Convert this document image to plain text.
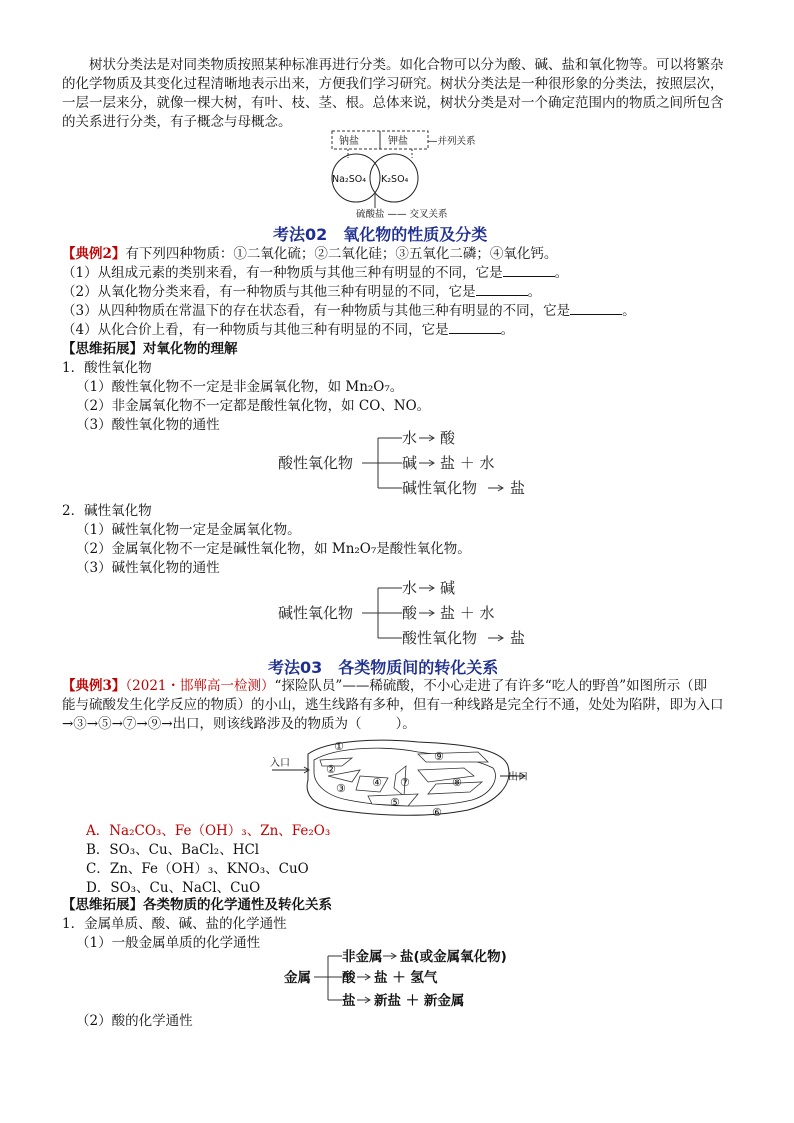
树状分类法是对同类物质按照某种标准再进行分类。如化合物可以分为酸、碱、盐和氧化物等。可以将繁杂的化学物质及其变化过程清晰地表示出来，方便我们学习研究。树状分类法是一种很形象的分类法，按照层次，一层一层来分，就像一棵大树，有叶、枝、茎、根。总体来说，树状分类是对一个确定范围内的物质之间所包含的关系进行分类，有子概念与母概念。
钠盐	钾盐 —并列关系
Na₂SO₄ K₂SO₄
硫酸盐 —— 交叉关系
考法02　氧化物的性质及分类
【典例2】有下列四种物质：①二氧化硫；②二氧化硅；③五氧化二磷；④氧化钙。
（1）从组成元素的类别来看，有一种物质与其他三种有明显的不同，它是	。
（2）从氧化物分类来看，有一种物质与其他三种有明显的不同，它是	。
（3）从四种物质在常温下的存在状态看，有一种物质与其他三种有明显的不同，它是	。
（4）从化合价上看，有一种物质与其他三种有明显的不同，它是	。
【思维拓展】对氧化物的理解
1．酸性氧化物
（1）酸性氧化物不一定是非金属氧化物，如 Mn₂O₇。
（2）非金属氧化物不一定都是酸性氧化物，如 CO、NO。
（3）酸性氧化物的通性
酸性氧化物
水 酸
碱 盐 ＋ 水
碱性氧化物 盐
2．碱性氧化物
（1）碱性氧化物一定是金属氧化物。
（2）金属氧化物不一定是碱性氧化物，如 Mn₂O₇是酸性氧化物。
（3）碱性氧化物的通性
碱性氧化物
水 碱
酸 盐 ＋ 水
酸性氧化物 盐
考法03　各类物质间的转化关系
【典例3】（2021・邯郸高一检测）“探险队员”——稀硫酸，不小心走进了有许多“吃人的野兽”如图所示（即
能与硫酸发生化学反应的物质）的小山，逃生线路有多种，但有一种线路是完全行不通，处处为陷阱，即为入口
→③→⑤→⑦→⑨→出口，则该线路涉及的物质为（	）。
入口
出口
①
②
③ ④
⑤
⑥
⑦	⑧
⑨
A．Na₂CO₃、Fe（OH）₃、Zn、Fe₂O₃
B．SO₃、Cu、BaCl₂、HCl
C．Zn、Fe（OH）₃、KNO₃、CuO
D．SO₃、Cu、NaCl、CuO
【思维拓展】各类物质的化学通性及转化关系
1．金属单质、酸、碱、盐的化学通性
（1）一般金属单质的化学通性
金属
非金属 盐(或金属氧化物)
酸 盐 ＋ 氢气
盐 新盐 ＋ 新金属
（2）酸的化学通性
